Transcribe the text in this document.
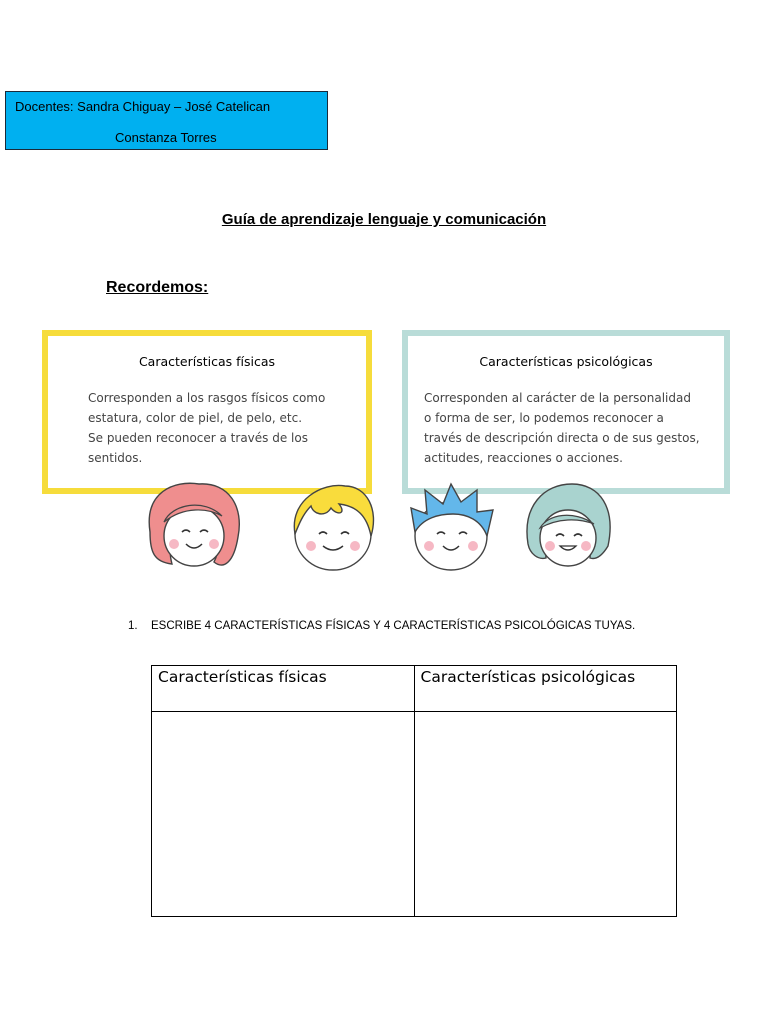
Docentes: Sandra Chiguay – José Catelican
Constanza Torres
Guía de aprendizaje lenguaje y comunicación
Recordemos:
Características físicas
Corresponden a los rasgos físicos como
estatura, color de piel, de pelo, etc.
Se pueden reconocer a través de los
sentidos.
Características psicológicas
Corresponden al carácter de la personalidad
o forma de ser, lo podemos reconocer a
través de descripción directa o de sus gestos,
actitudes, reacciones o acciones.
1. ESCRIBE 4 CARACTERÍSTICAS FÍSICAS Y 4 CARACTERÍSTICAS PSICOLÓGICAS TUYAS.
Características físicas	Características psicológicas
